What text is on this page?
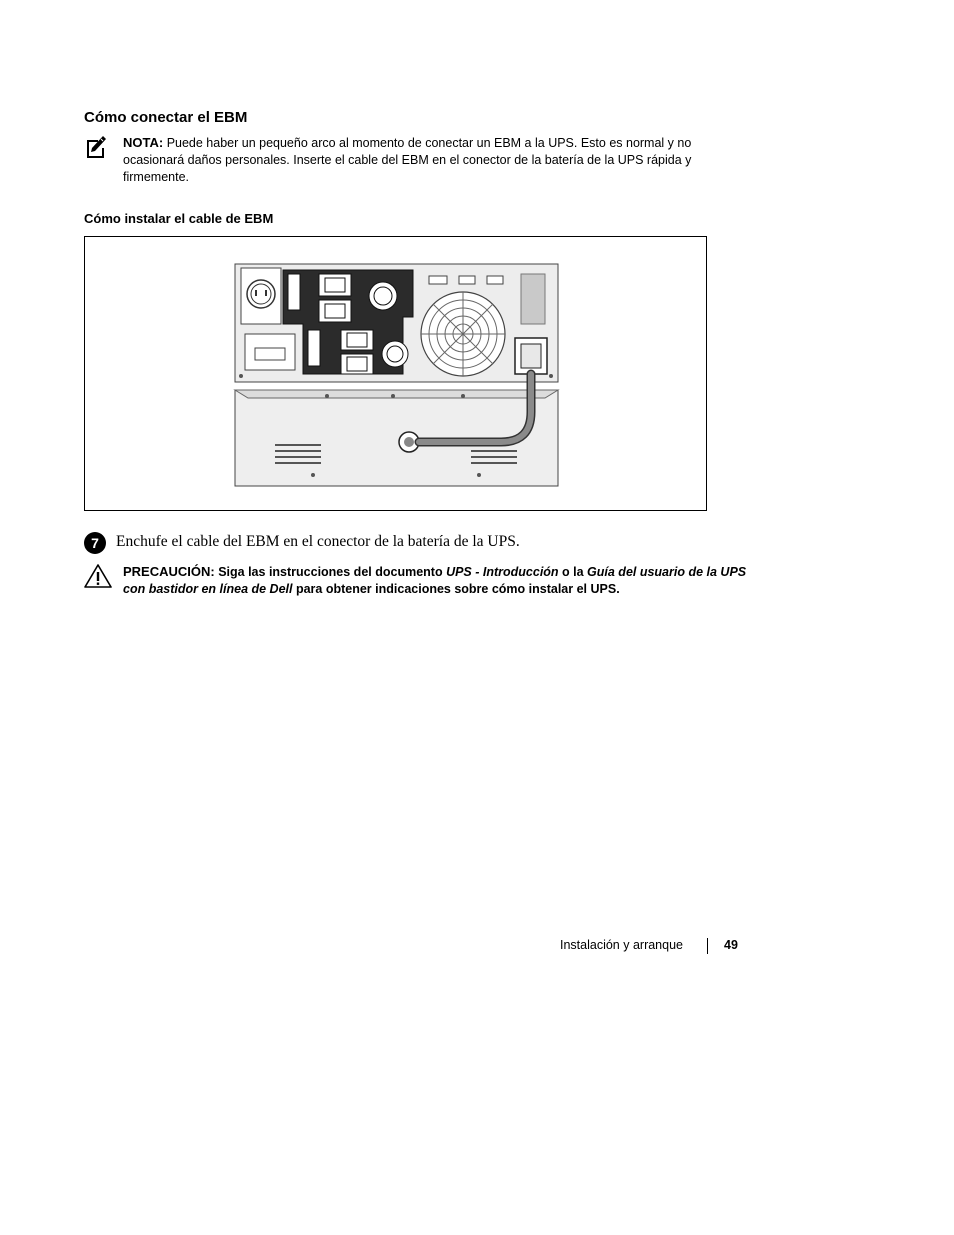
Cómo conectar el EBM
NOTA: Puede haber un pequeño arco al momento de conectar un EBM a la UPS. Esto es normal y no ocasionará daños personales. Inserte el cable del EBM en el conector de la batería de la UPS rápida y firmemente.
Cómo instalar el cable de EBM
7	Enchufe el cable del EBM en el conector de la batería de la UPS.
PRECAUCIÓN: Siga las instrucciones del documento UPS - Introducción o la Guía del usuario de la UPS con bastidor en línea de Dell para obtener indicaciones sobre cómo instalar el UPS.
Instalación y arranque	49
